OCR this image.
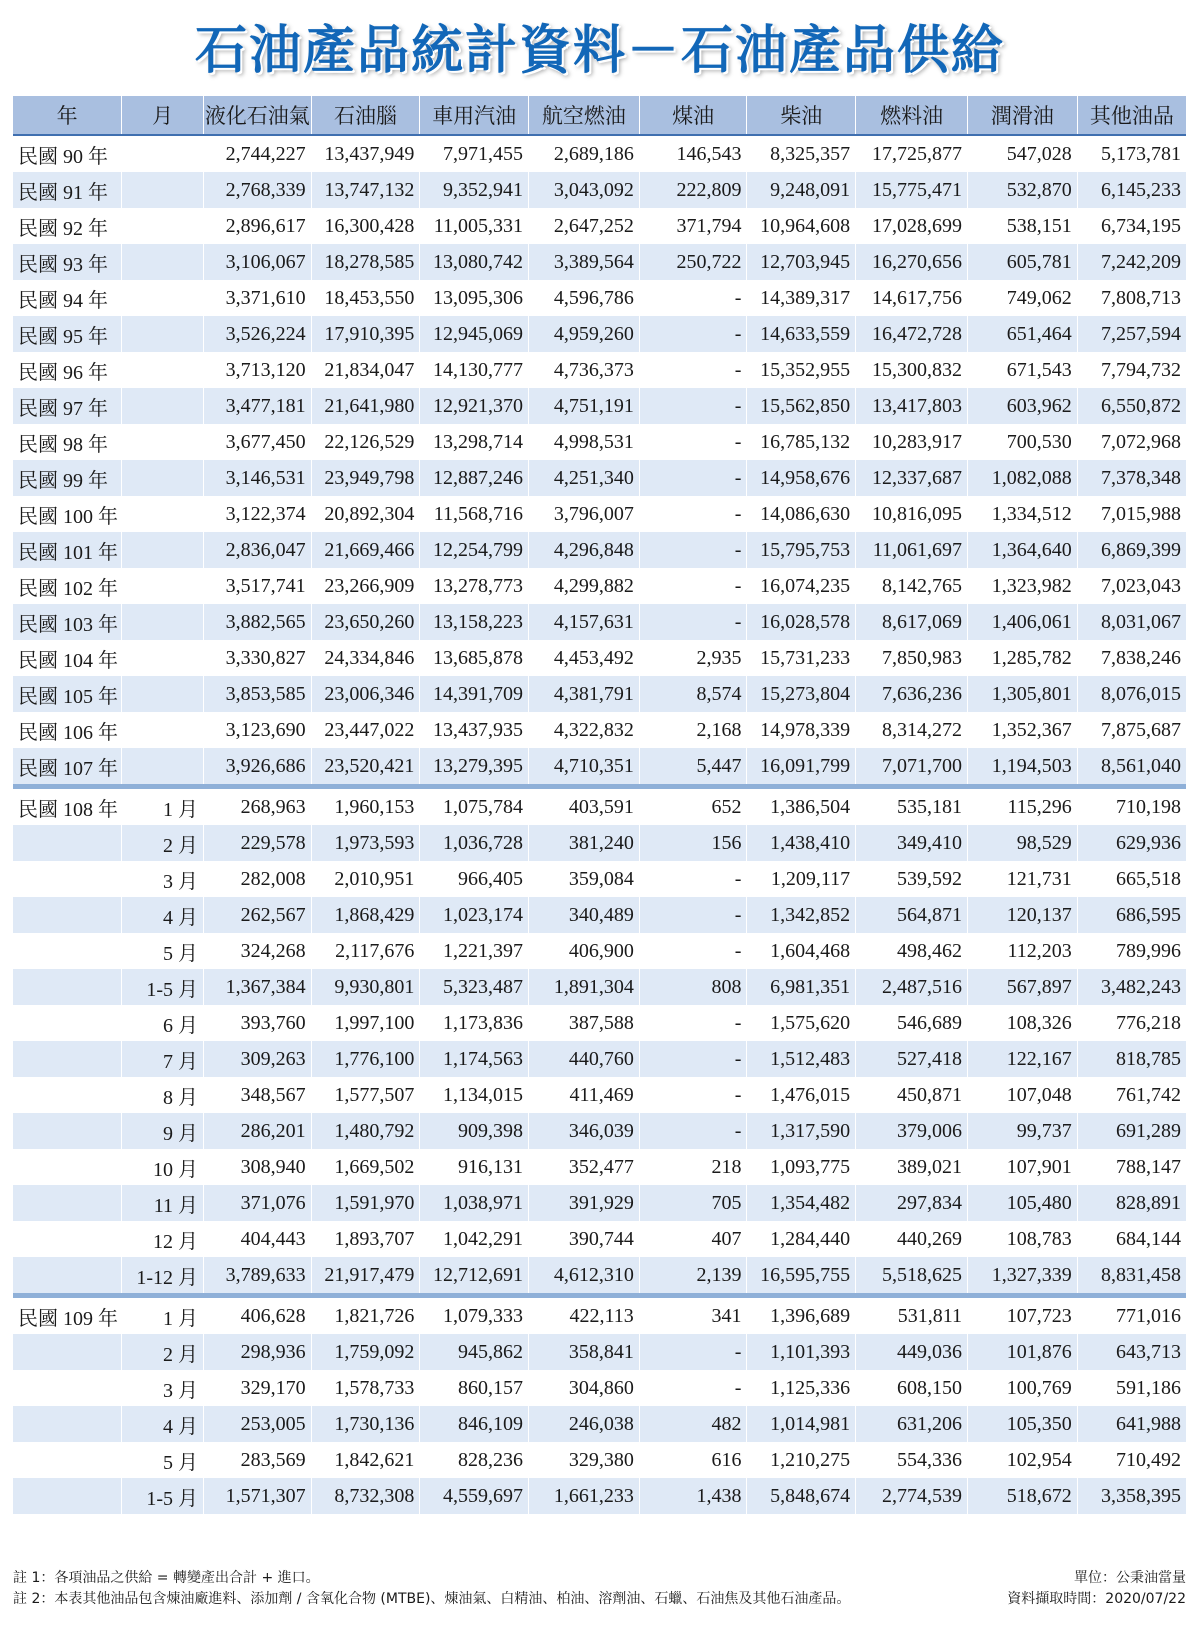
石油產品統計資料－石油產品供給
年	月	液化石油氣	石油腦	車用汽油	航空燃油	煤油	柴油	燃料油	潤滑油	其他油品
民國 90 年		2,744,227	13,437,949	7,971,455	2,689,186	146,543	8,325,357	17,725,877	547,028	5,173,781
民國 91 年		2,768,339	13,747,132	9,352,941	3,043,092	222,809	9,248,091	15,775,471	532,870	6,145,233
民國 92 年		2,896,617	16,300,428	11,005,331	2,647,252	371,794	10,964,608	17,028,699	538,151	6,734,195
民國 93 年		3,106,067	18,278,585	13,080,742	3,389,564	250,722	12,703,945	16,270,656	605,781	7,242,209
民國 94 年		3,371,610	18,453,550	13,095,306	4,596,786	-	14,389,317	14,617,756	749,062	7,808,713
民國 95 年		3,526,224	17,910,395	12,945,069	4,959,260	-	14,633,559	16,472,728	651,464	7,257,594
民國 96 年		3,713,120	21,834,047	14,130,777	4,736,373	-	15,352,955	15,300,832	671,543	7,794,732
民國 97 年		3,477,181	21,641,980	12,921,370	4,751,191	-	15,562,850	13,417,803	603,962	6,550,872
民國 98 年		3,677,450	22,126,529	13,298,714	4,998,531	-	16,785,132	10,283,917	700,530	7,072,968
民國 99 年		3,146,531	23,949,798	12,887,246	4,251,340	-	14,958,676	12,337,687	1,082,088	7,378,348
民國 100 年		3,122,374	20,892,304	11,568,716	3,796,007	-	14,086,630	10,816,095	1,334,512	7,015,988
民國 101 年		2,836,047	21,669,466	12,254,799	4,296,848	-	15,795,753	11,061,697	1,364,640	6,869,399
民國 102 年		3,517,741	23,266,909	13,278,773	4,299,882	-	16,074,235	8,142,765	1,323,982	7,023,043
民國 103 年		3,882,565	23,650,260	13,158,223	4,157,631	-	16,028,578	8,617,069	1,406,061	8,031,067
民國 104 年		3,330,827	24,334,846	13,685,878	4,453,492	2,935	15,731,233	7,850,983	1,285,782	7,838,246
民國 105 年		3,853,585	23,006,346	14,391,709	4,381,791	8,574	15,273,804	7,636,236	1,305,801	8,076,015
民國 106 年		3,123,690	23,447,022	13,437,935	4,322,832	2,168	14,978,339	8,314,272	1,352,367	7,875,687
民國 107 年		3,926,686	23,520,421	13,279,395	4,710,351	5,447	16,091,799	7,071,700	1,194,503	8,561,040

民國 108 年	1 月	268,963	1,960,153	1,075,784	403,591	652	1,386,504	535,181	115,296	710,198
	2 月	229,578	1,973,593	1,036,728	381,240	156	1,438,410	349,410	98,529	629,936
	3 月	282,008	2,010,951	966,405	359,084	-	1,209,117	539,592	121,731	665,518
	4 月	262,567	1,868,429	1,023,174	340,489	-	1,342,852	564,871	120,137	686,595
	5 月	324,268	2,117,676	1,221,397	406,900	-	1,604,468	498,462	112,203	789,996
	1-5 月	1,367,384	9,930,801	5,323,487	1,891,304	808	6,981,351	2,487,516	567,897	3,482,243
	6 月	393,760	1,997,100	1,173,836	387,588	-	1,575,620	546,689	108,326	776,218
	7 月	309,263	1,776,100	1,174,563	440,760	-	1,512,483	527,418	122,167	818,785
	8 月	348,567	1,577,507	1,134,015	411,469	-	1,476,015	450,871	107,048	761,742
	9 月	286,201	1,480,792	909,398	346,039	-	1,317,590	379,006	99,737	691,289
	10 月	308,940	1,669,502	916,131	352,477	218	1,093,775	389,021	107,901	788,147
	11 月	371,076	1,591,970	1,038,971	391,929	705	1,354,482	297,834	105,480	828,891
	12 月	404,443	1,893,707	1,042,291	390,744	407	1,284,440	440,269	108,783	684,144
	1-12 月	3,789,633	21,917,479	12,712,691	4,612,310	2,139	16,595,755	5,518,625	1,327,339	8,831,458

民國 109 年	1 月	406,628	1,821,726	1,079,333	422,113	341	1,396,689	531,811	107,723	771,016
	2 月	298,936	1,759,092	945,862	358,841	-	1,101,393	449,036	101,876	643,713
	3 月	329,170	1,578,733	860,157	304,860	-	1,125,336	608,150	100,769	591,186
	4 月	253,005	1,730,136	846,109	246,038	482	1,014,981	631,206	105,350	641,988
	5 月	283,569	1,842,621	828,236	329,380	616	1,210,275	554,336	102,954	710,492
	1-5 月	1,571,307	8,732,308	4,559,697	1,661,233	1,438	5,848,674	2,774,539	518,672	3,358,395
註 1：各項油品之供給 = 轉變產出合計 + 進口。	單位：公秉油當量
註 2：本表其他油品包含煉油廠進料、添加劑 / 含氧化合物 (MTBE)、煉油氣、白精油、柏油、溶劑油、石蠟、石油焦及其他石油產品。	資料擷取時間：2020/07/22
